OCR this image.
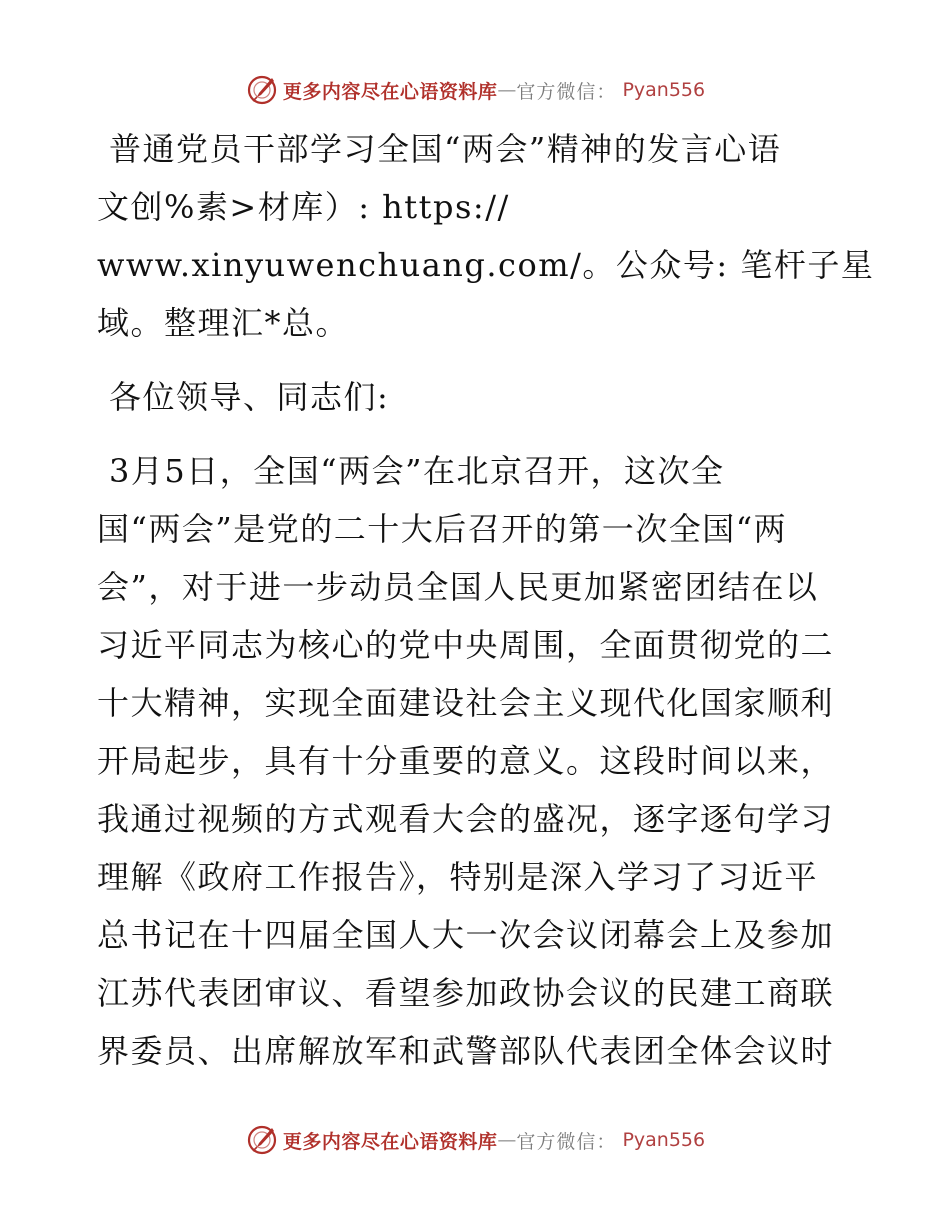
更多内容尽在心语资料库 — 官方微信： Pyan556
普通党员干部学习全国“两会”精神的发言心语
文创%素>材库）: https://
www.xinyuwenchuang.com/。公众号: 笔杆子星
域。整理汇*总。
各位领导、同志们:
3月5日，全国“两会”在北京召开，这次全
国“两会”是党的二十大后召开的第一次全国“两
会”，对于进一步动员全国人民更加紧密团结在以
习近平同志为核心的党中央周围，全面贯彻党的二
十大精神，实现全面建设社会主义现代化国家顺利
开局起步，具有十分重要的意义。这段时间以来，
我通过视频的方式观看大会的盛况，逐字逐句学习
理解《政府工作报告》，特别是深入学习了习近平
总书记在十四届全国人大一次会议闭幕会上及参加
江苏代表团审议、看望参加政协会议的民建工商联
界委员、出席解放军和武警部队代表团全体会议时
更多内容尽在心语资料库 — 官方微信： Pyan556
